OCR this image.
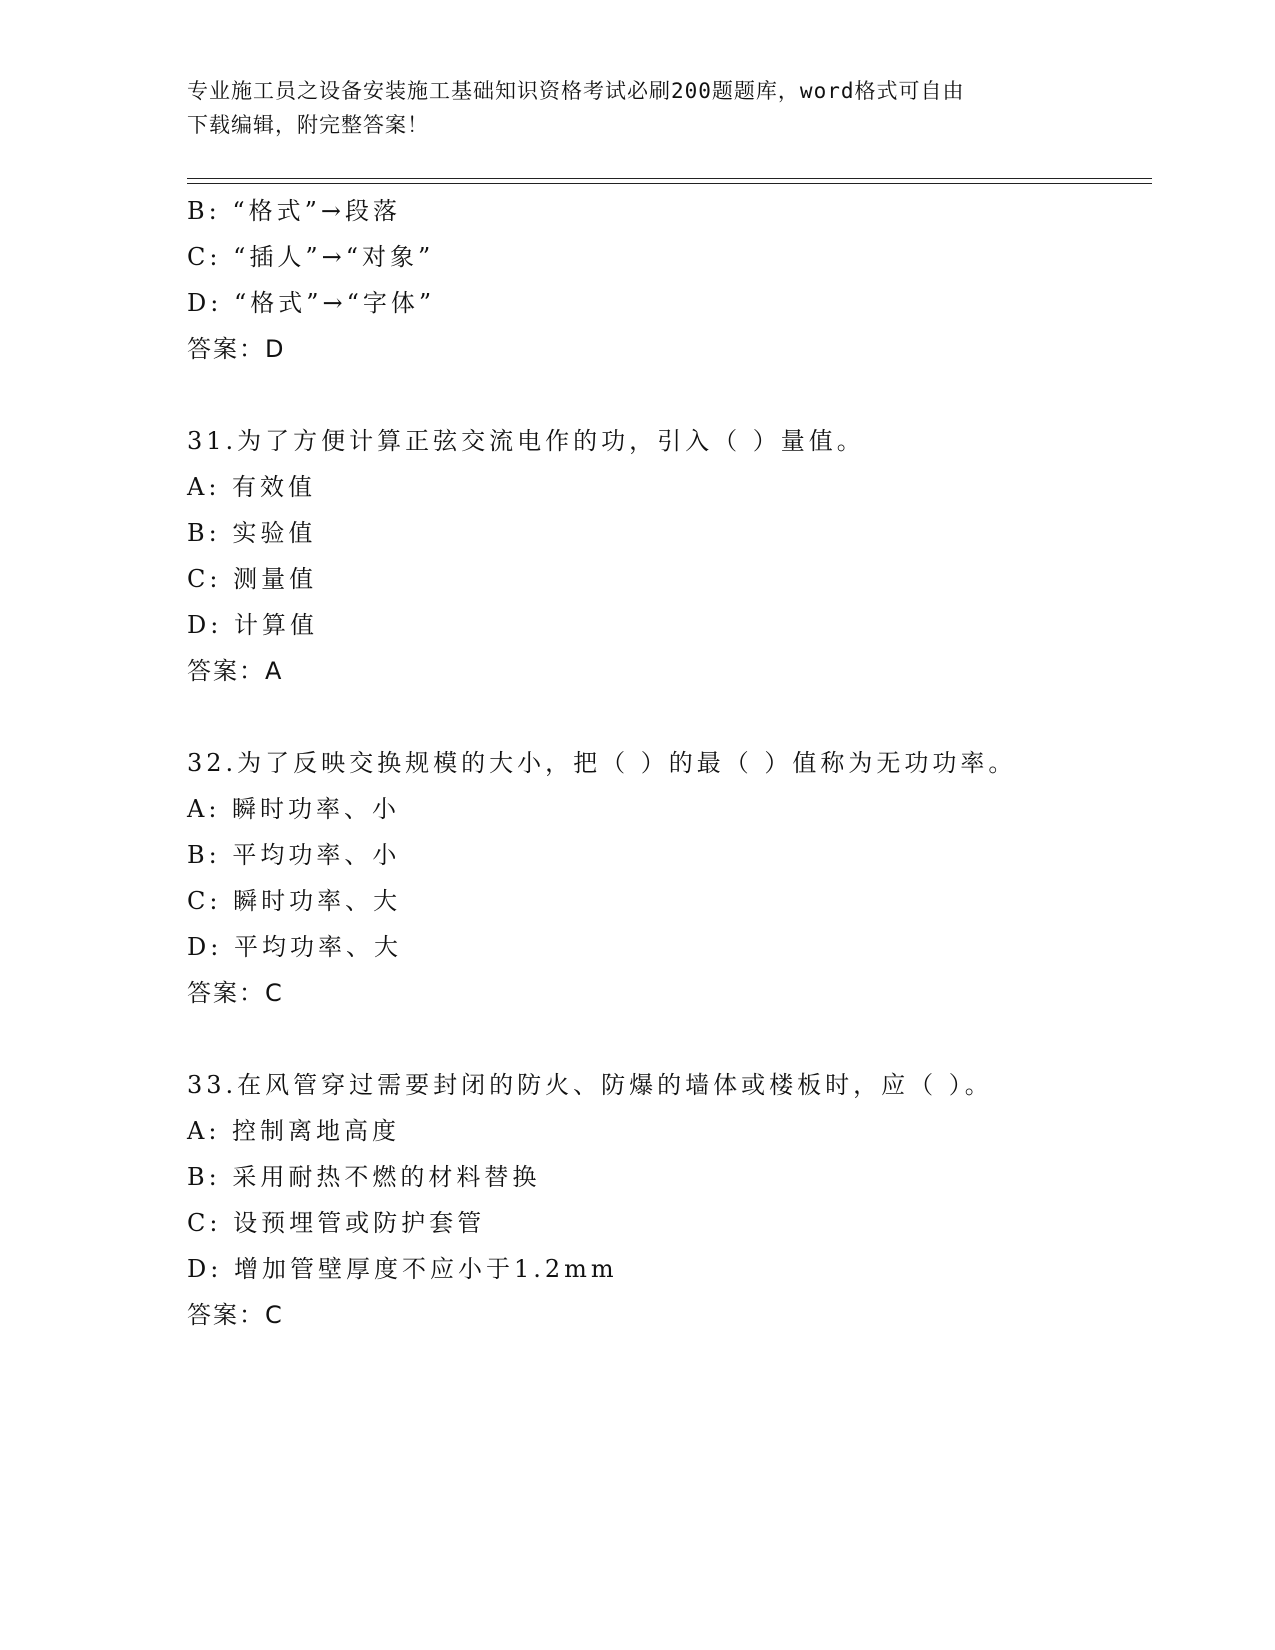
专业施工员之设备安装施工基础知识资格考试必刷200题题库，word格式可自由
下载编辑，附完整答案！
B: “格式”→段落
C: “插人”→“对象”
D: “格式”→“字体”
答案：D
31.为了方便计算正弦交流电作的功，引入（ ）量值。
A: 有效值
B: 实验值
C: 测量值
D: 计算值
答案：A
32.为了反映交换规模的大小，把（ ）的最（ ）值称为无功功率。
A: 瞬时功率、小
B: 平均功率、小
C: 瞬时功率、大
D: 平均功率、大
答案：C
33.在风管穿过需要封闭的防火、防爆的墙体或楼板时，应（ ）。
A: 控制离地高度
B: 采用耐热不燃的材料替换
C: 设预埋管或防护套管
D: 增加管壁厚度不应小于1.2mm
答案：C
